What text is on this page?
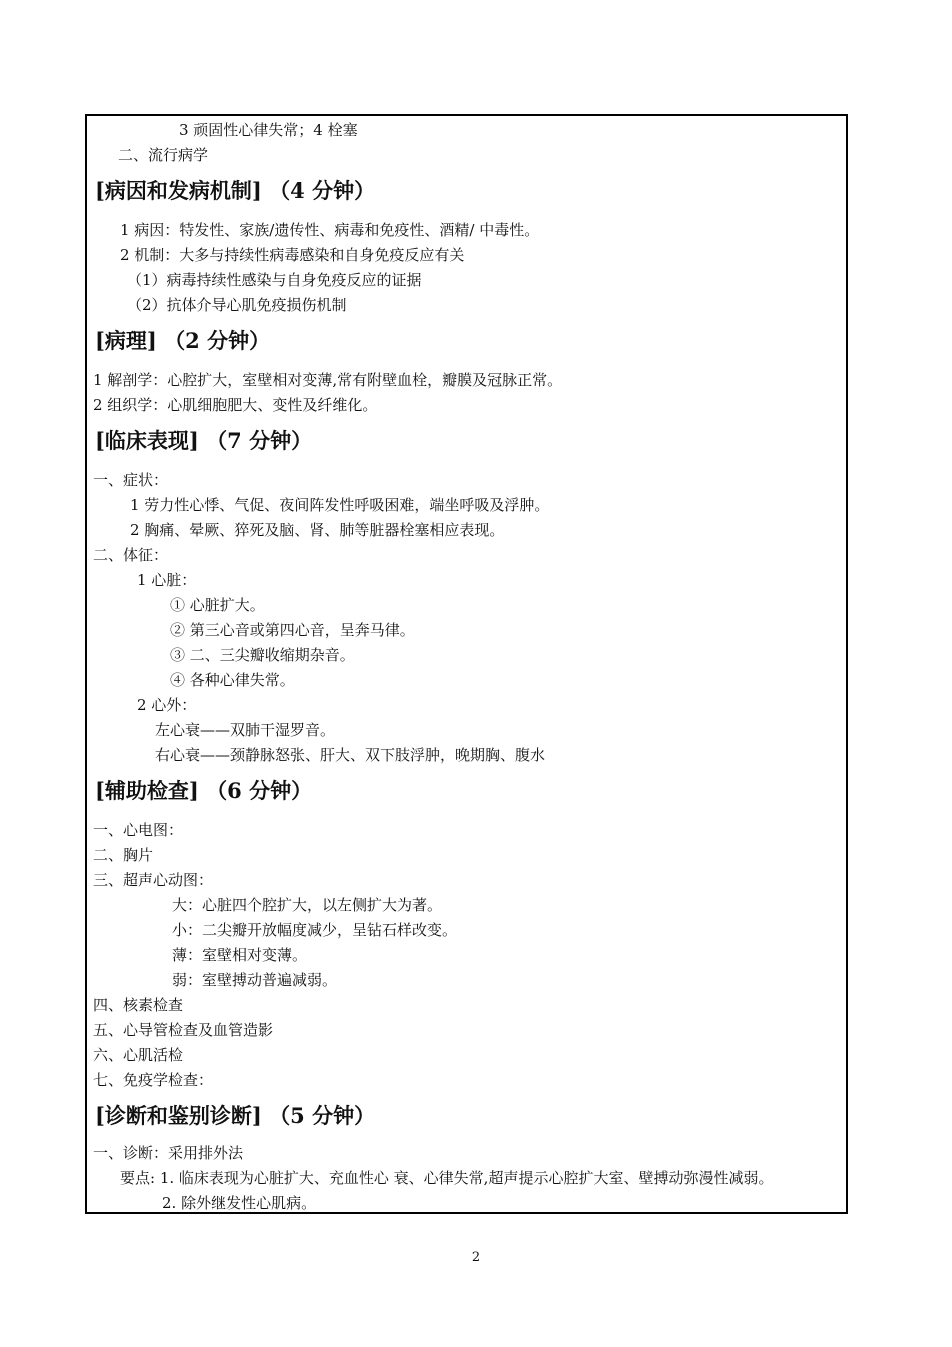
3 顽固性心律失常；4 栓塞
二、流行病学
[病因和发病机制] （4 分钟）
1 病因：特发性、家族/遗传性、病毒和免疫性、酒精/ 中毒性。
2 机制：大多与持续性病毒感染和自身免疫反应有关
（1）病毒持续性感染与自身免疫反应的证据
（2）抗体介导心肌免疫损伤机制
[病理] （2 分钟）
1 解剖学：心腔扩大，室壁相对变薄,常有附壁血栓，瓣膜及冠脉正常。
2 组织学：心肌细胞肥大、变性及纤维化。
[临床表现] （7 分钟）
一、症状：
1 劳力性心悸、气促、夜间阵发性呼吸困难，端坐呼吸及浮肿。
2 胸痛、晕厥、猝死及脑、肾、肺等脏器栓塞相应表现。
二、体征：
1 心脏：
① 心脏扩大。
② 第三心音或第四心音，呈奔马律。
③ 二、三尖瓣收缩期杂音。
④ 各种心律失常。
2 心外：
左心衰——双肺干湿罗音。
右心衰——颈静脉怒张、肝大、双下肢浮肿，晚期胸、腹水
[辅助检查] （6 分钟）
一、心电图：
二、胸片
三、超声心动图：
大：心脏四个腔扩大，以左侧扩大为著。
小：二尖瓣开放幅度减少，呈钻石样改变。
薄：室壁相对变薄。
弱：室壁搏动普遍减弱。
四、核素检查
五、心导管检查及血管造影
六、心肌活检
七、免疫学检查：
[诊断和鉴别诊断] （5 分钟）
一、诊断：采用排外法
要点: 1. 临床表现为心脏扩大、充血性心 衰、心律失常,超声提示心腔扩大室、壁搏动弥漫性减弱。
2. 除外继发性心肌病。
2
